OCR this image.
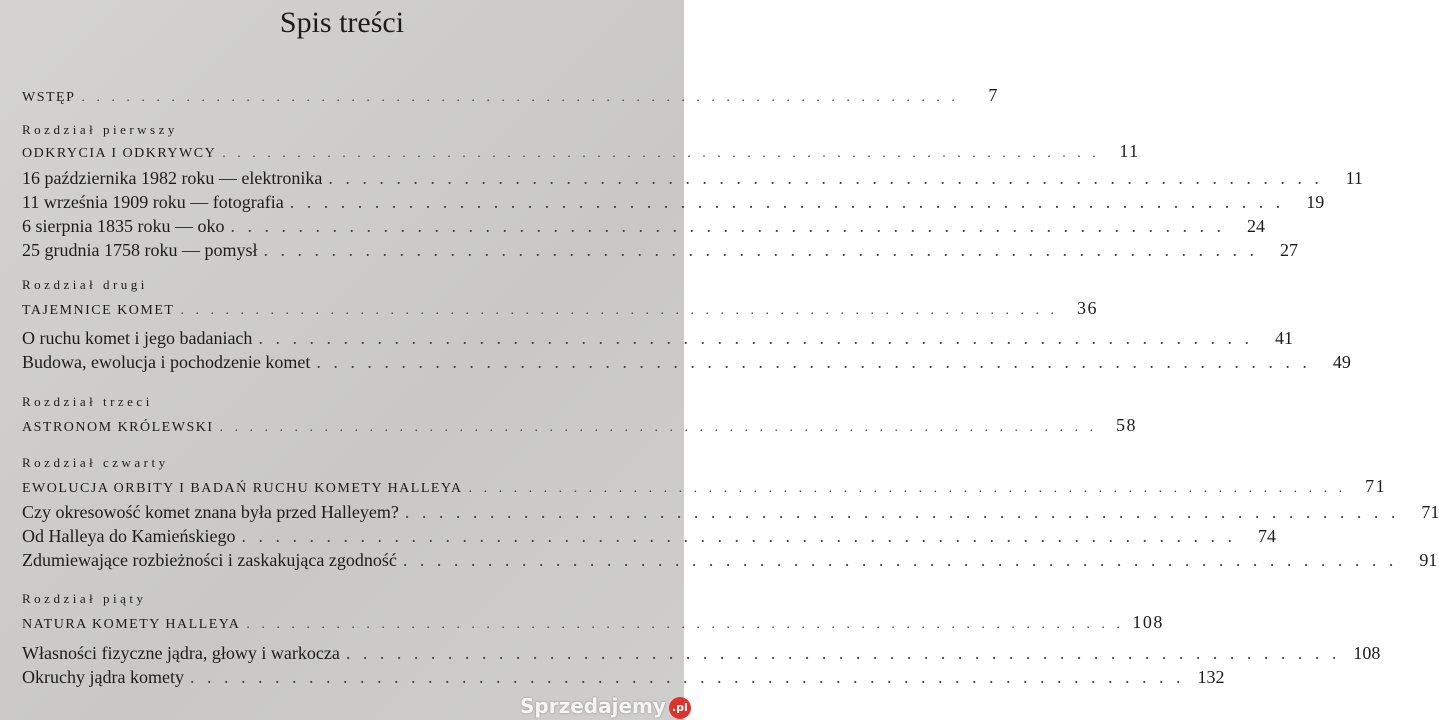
Spis treści
WSTĘP . . .	7
Rozdział pierwszy
ODKRYCIA I ODKRYWCY . . .	11
16 października 1982 roku — elektronika . . .	11
11 września 1909 roku — fotografia . . .	19
6 sierpnia 1835 roku — oko . . .	24
25 grudnia 1758 roku — pomysł . . .	27
Rozdział drugi
TAJEMNICE KOMET . . .	36
O ruchu komet i jego badaniach . . .	41
Budowa, ewolucja i pochodzenie komet . . .	49
Rozdział trzeci
ASTRONOM KRÓLEWSKI . . .	58
Rozdział czwarty
EWOLUCJA ORBITY I BADAŃ RUCHU KOMETY HALLEYA . . .	71
Czy okresowość komet znana była przed Halleyem? . . .	71
Od Halleya do Kamieńskiego . . .	74
Zdumiewające rozbieżności i zaskakująca zgodność . . .	91
Rozdział piąty
NATURA KOMETY HALLEYA . . .	108
Własności fizyczne jądra, głowy i warkocza . . .	108
Okruchy jądra komety . . .	132
Sprzedajemy .pl
